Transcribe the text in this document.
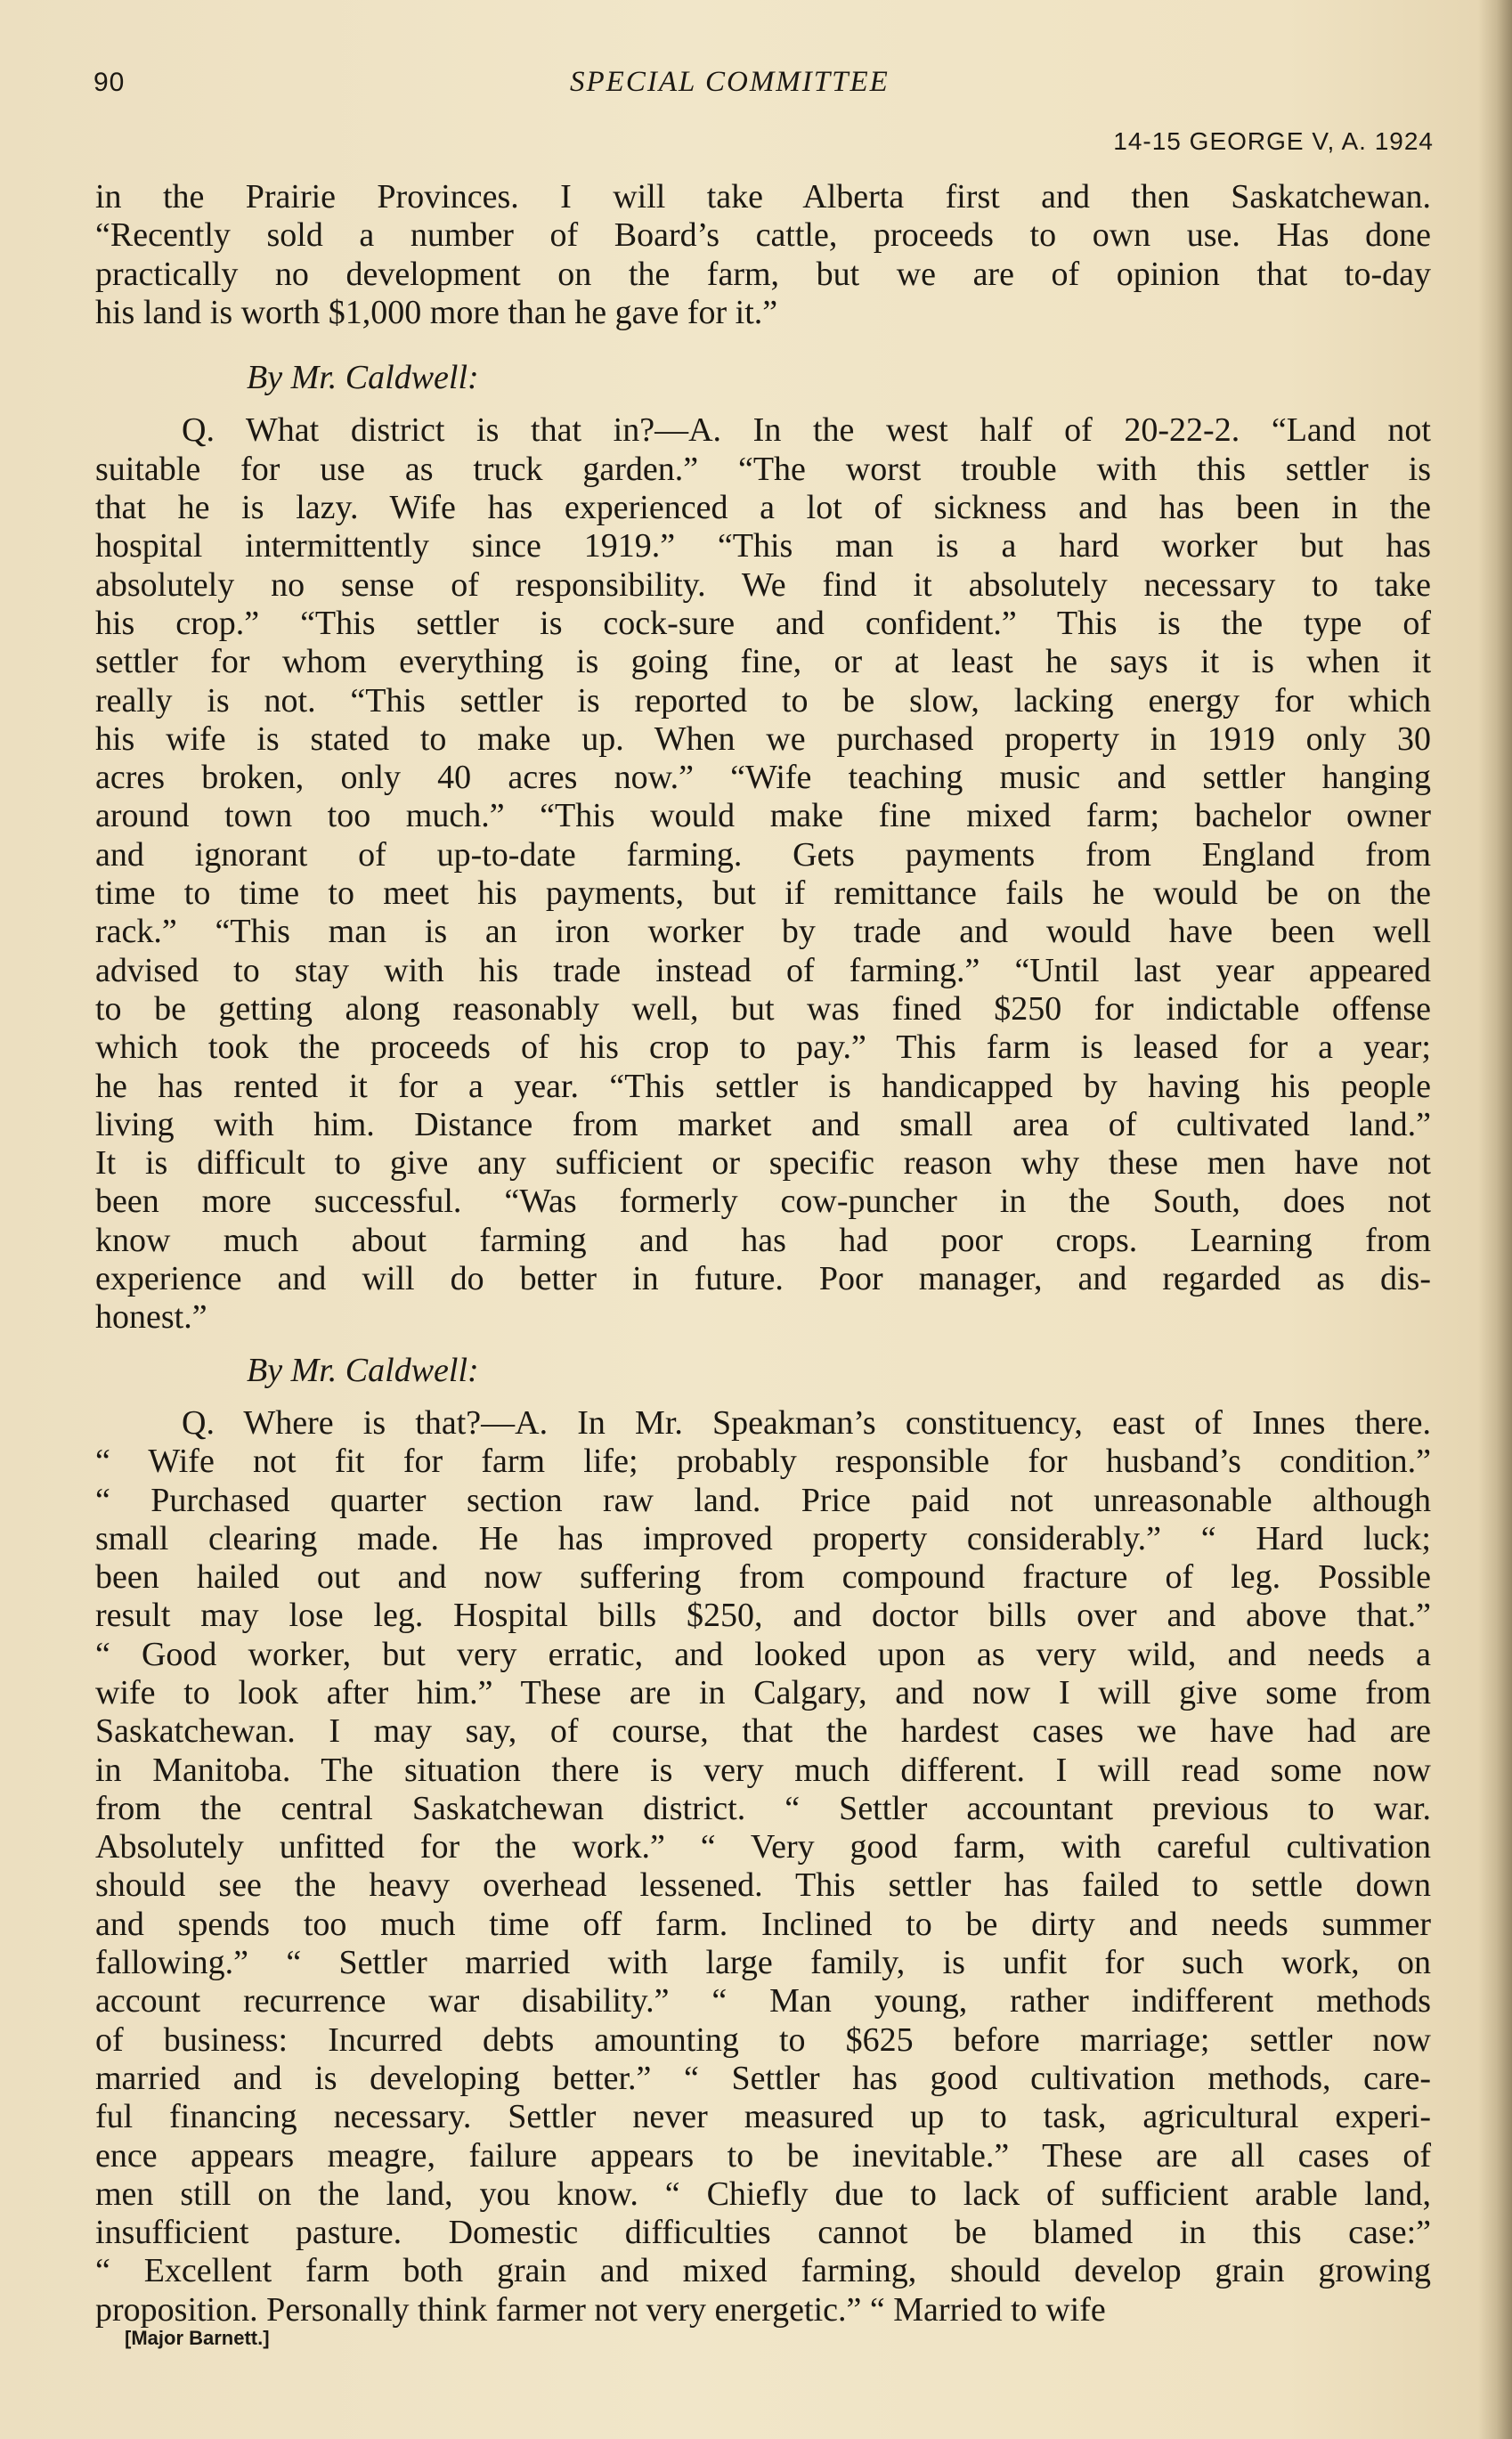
90	SPECIAL COMMITTEE
14-15 GEORGE V, A. 1924
in the Prairie Provinces. I will take Alberta first and then Saskatchewan.
“Recently sold a number of Board’s cattle, proceeds to own use. Has done
practically no development on the farm, but we are of opinion that to-day
his land is worth $1,000 more than he gave for it.”
By Mr. Caldwell:
Q. What district is that in?—A. In the west half of 20-22-2. “Land not
suitable for use as truck garden.” “The worst trouble with this settler is
that he is lazy. Wife has experienced a lot of sickness and has been in the
hospital intermittently since 1919.” “This man is a hard worker but has
absolutely no sense of responsibility. We find it absolutely necessary to take
his crop.” “This settler is cock-sure and confident.” This is the type of
settler for whom everything is going fine, or at least he says it is when it
really is not. “This settler is reported to be slow, lacking energy for which
his wife is stated to make up. When we purchased property in 1919 only 30
acres broken, only 40 acres now.” “Wife teaching music and settler hanging
around town too much.” “This would make fine mixed farm; bachelor owner
and ignorant of up-to-date farming. Gets payments from England from
time to time to meet his payments, but if remittance fails he would be on the
rack.” “This man is an iron worker by trade and would have been well
advised to stay with his trade instead of farming.” “Until last year appeared
to be getting along reasonably well, but was fined $250 for indictable offense
which took the proceeds of his crop to pay.” This farm is leased for a year;
he has rented it for a year. “This settler is handicapped by having his people
living with him. Distance from market and small area of cultivated land.”
It is difficult to give any sufficient or specific reason why these men have not
been more successful. “Was formerly cow-puncher in the South, does not
know much about farming and has had poor crops. Learning from
experience and will do better in future. Poor manager, and regarded as dis-
honest.”
By Mr. Caldwell:
Q. Where is that?—A. In Mr. Speakman’s constituency, east of Innes there.
“ Wife not fit for farm life; probably responsible for husband’s condition.”
“ Purchased quarter section raw land. Price paid not unreasonable although
small clearing made. He has improved property considerably.” “ Hard luck;
been hailed out and now suffering from compound fracture of leg. Possible
result may lose leg. Hospital bills $250, and doctor bills over and above that.”
“ Good worker, but very erratic, and looked upon as very wild, and needs a
wife to look after him.” These are in Calgary, and now I will give some from
Saskatchewan. I may say, of course, that the hardest cases we have had are
in Manitoba. The situation there is very much different. I will read some now
from the central Saskatchewan district. “ Settler accountant previous to war.
Absolutely unfitted for the work.” “ Very good farm, with careful cultivation
should see the heavy overhead lessened. This settler has failed to settle down
and spends too much time off farm. Inclined to be dirty and needs summer
fallowing.” “ Settler married with large family, is unfit for such work, on
account recurrence war disability.” “ Man young, rather indifferent methods
of business: Incurred debts amounting to $625 before marriage; settler now
married and is developing better.” “ Settler has good cultivation methods, care-
ful financing necessary. Settler never measured up to task, agricultural experi-
ence appears meagre, failure appears to be inevitable.” These are all cases of
men still on the land, you know. “ Chiefly due to lack of sufficient arable land,
insufficient pasture. Domestic difficulties cannot be blamed in this case:”
“ Excellent farm both grain and mixed farming, should develop grain growing
proposition. Personally think farmer not very energetic.” “ Married to wife
[Major Barnett.]
